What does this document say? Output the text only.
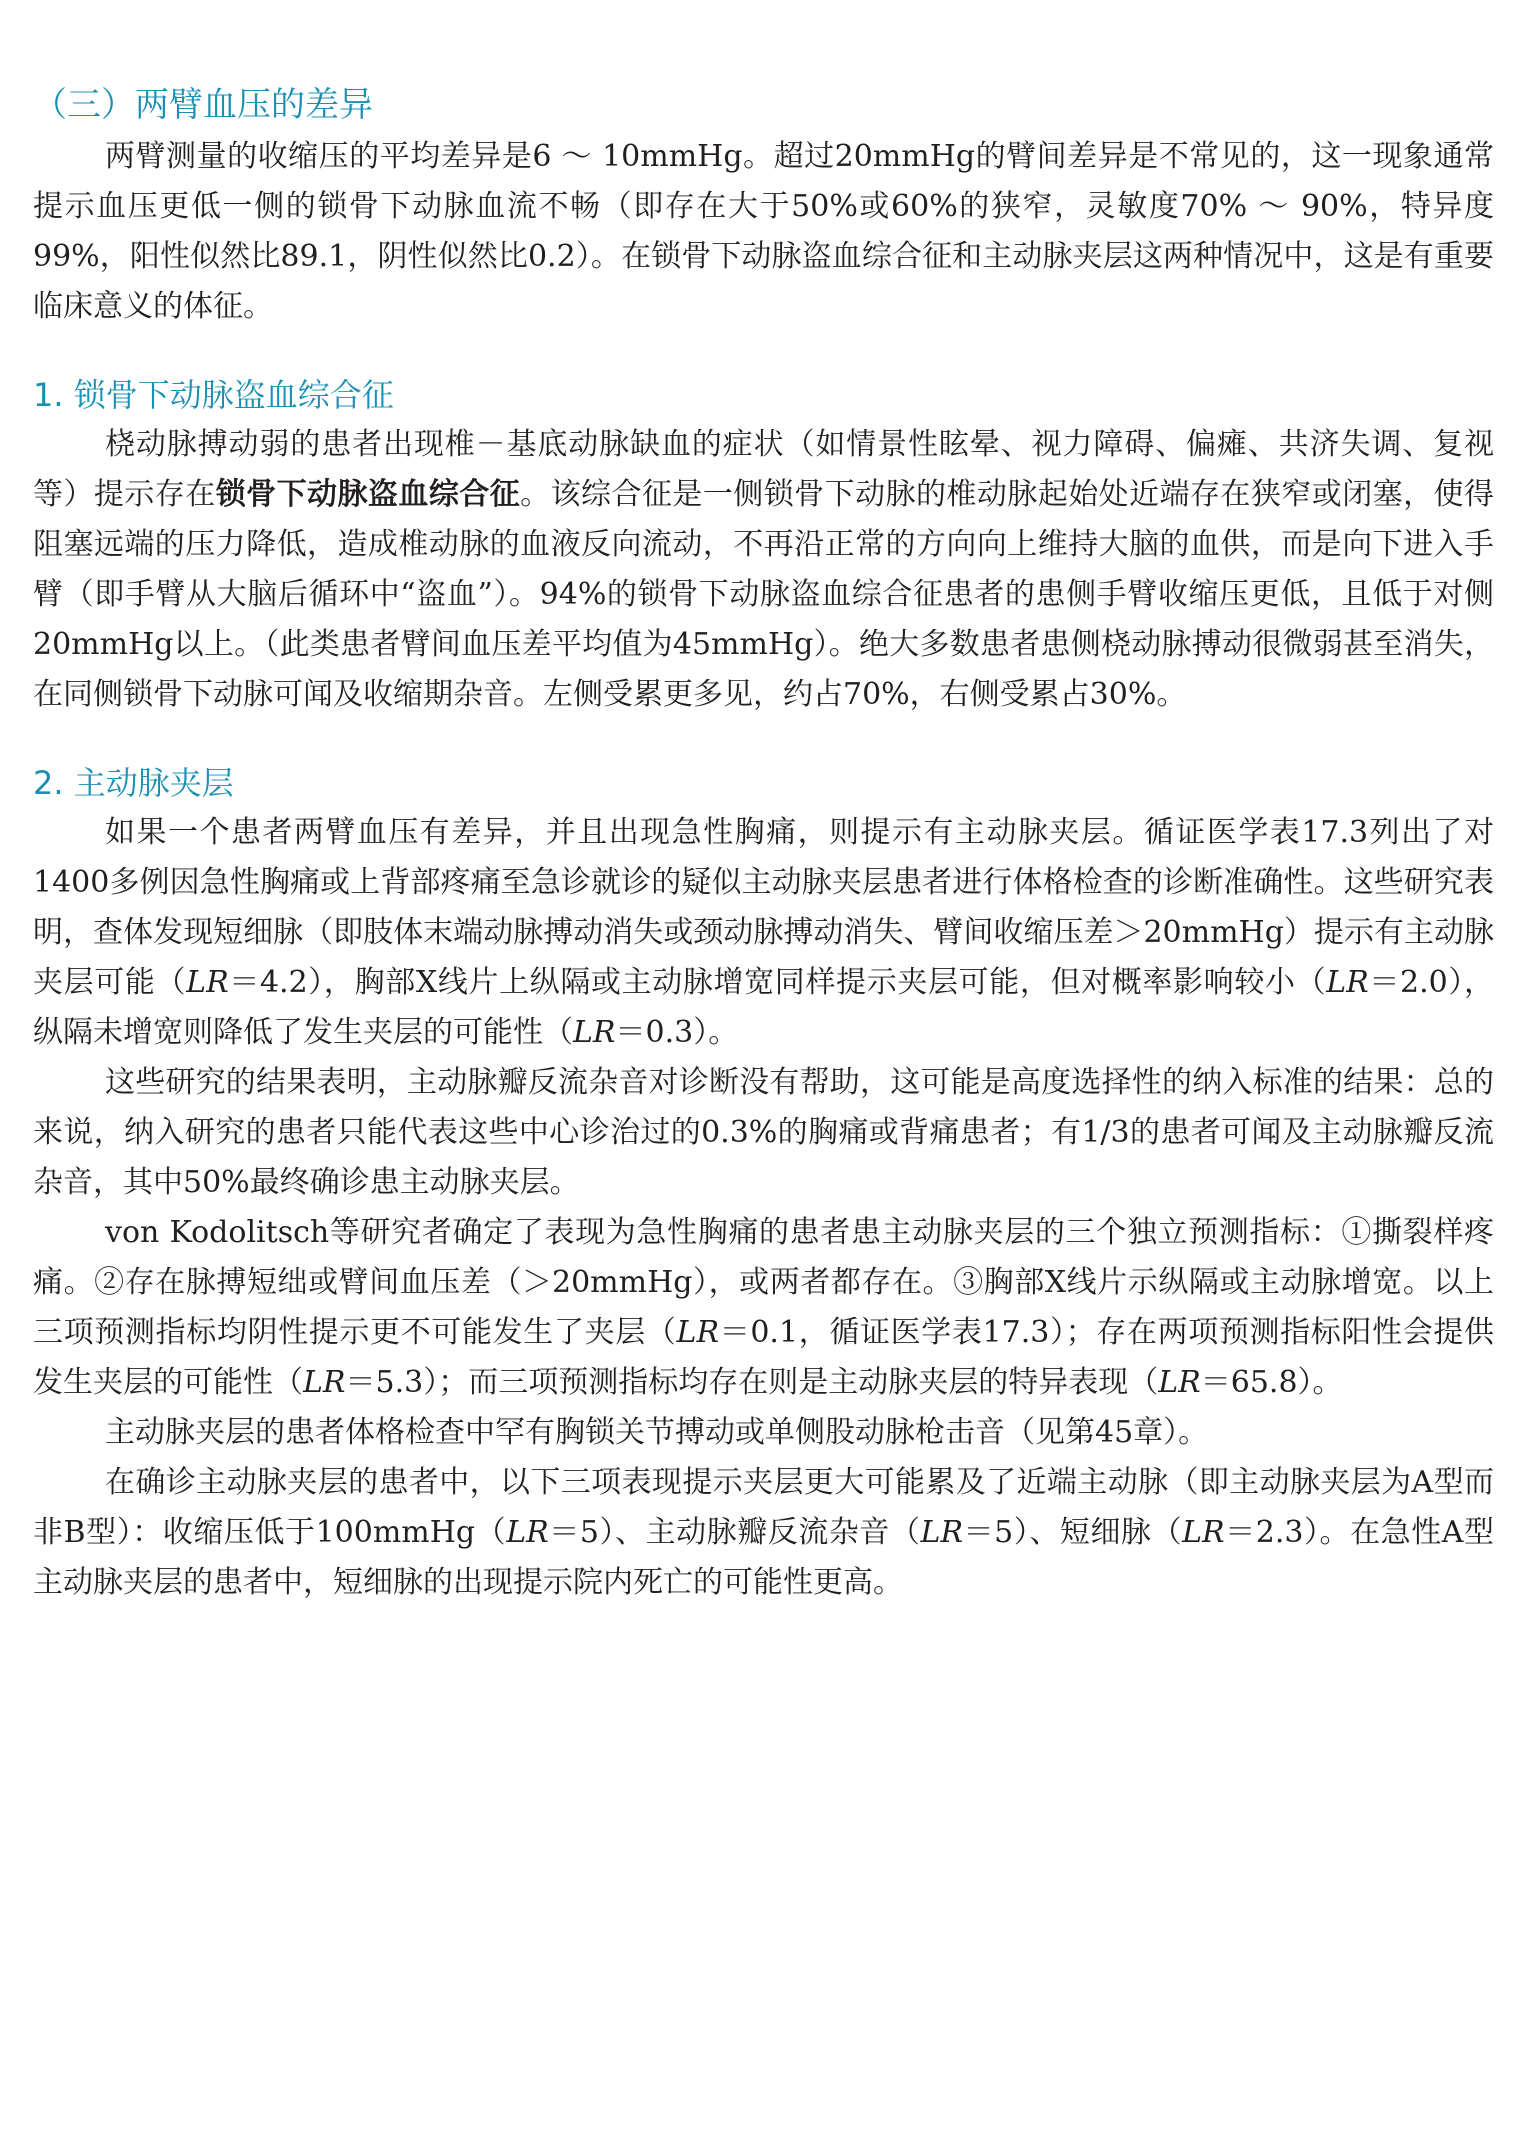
（三）两臂血压的差异

两臂测量的收缩压的平均差异是6 ～ 10mmHg。超过20mmHg的臂间差异是不常见的，这一现象通常提示血压更低一侧的锁骨下动脉血流不畅（即存在大于50%或60%的狭窄，灵敏度70% ～ 90%，特异度99%，阳性似然比89.1，阴性似然比0.2）。在锁骨下动脉盗血综合征和主动脉夹层这两种情况中，这是有重要临床意义的体征。

1. 锁骨下动脉盗血综合征

桡动脉搏动弱的患者出现椎－基底动脉缺血的症状（如情景性眩晕、视力障碍、偏瘫、共济失调、复视等）提示存在锁骨下动脉盗血综合征。该综合征是一侧锁骨下动脉的椎动脉起始处近端存在狭窄或闭塞，使得阻塞远端的压力降低，造成椎动脉的血液反向流动，不再沿正常的方向向上维持大脑的血供，而是向下进入手臂（即手臂从大脑后循环中“盗血”）。94%的锁骨下动脉盗血综合征患者的患侧手臂收缩压更低，且低于对侧20mmHg以上。（此类患者臂间血压差平均值为45mmHg）。绝大多数患者患侧桡动脉搏动很微弱甚至消失，在同侧锁骨下动脉可闻及收缩期杂音。左侧受累更多见，约占70%，右侧受累占30%。

2. 主动脉夹层

如果一个患者两臂血压有差异，并且出现急性胸痛，则提示有主动脉夹层。循证医学表17.3列出了对1400多例因急性胸痛或上背部疼痛至急诊就诊的疑似主动脉夹层患者进行体格检查的诊断准确性。这些研究表明，查体发现短细脉（即肢体末端动脉搏动消失或颈动脉搏动消失、臂间收缩压差＞20mmHg）提示有主动脉夹层可能（LR＝4.2），胸部X线片上纵隔或主动脉增宽同样提示夹层可能，但对概率影响较小（LR＝2.0），纵隔未增宽则降低了发生夹层的可能性（LR＝0.3）。

这些研究的结果表明，主动脉瓣反流杂音对诊断没有帮助，这可能是高度选择性的纳入标准的结果：总的来说，纳入研究的患者只能代表这些中心诊治过的0.3%的胸痛或背痛患者；有1/3的患者可闻及主动脉瓣反流杂音，其中50%最终确诊患主动脉夹层。

von Kodolitsch等研究者确定了表现为急性胸痛的患者患主动脉夹层的三个独立预测指标：①撕裂样疼痛。②存在脉搏短绌或臂间血压差（＞20mmHg），或两者都存在。③胸部X线片示纵隔或主动脉增宽。以上三项预测指标均阴性提示更不可能发生了夹层（LR＝0.1，循证医学表17.3）；存在两项预测指标阳性会提供发生夹层的可能性（LR＝5.3）；而三项预测指标均存在则是主动脉夹层的特异表现（LR＝65.8）。

主动脉夹层的患者体格检查中罕有胸锁关节搏动或单侧股动脉枪击音（见第45章）。

在确诊主动脉夹层的患者中，以下三项表现提示夹层更大可能累及了近端主动脉（即主动脉夹层为A型而非B型）：收缩压低于100mmHg（LR＝5）、主动脉瓣反流杂音（LR＝5）、短细脉（LR＝2.3）。在急性A型主动脉夹层的患者中，短细脉的出现提示院内死亡的可能性更高。
